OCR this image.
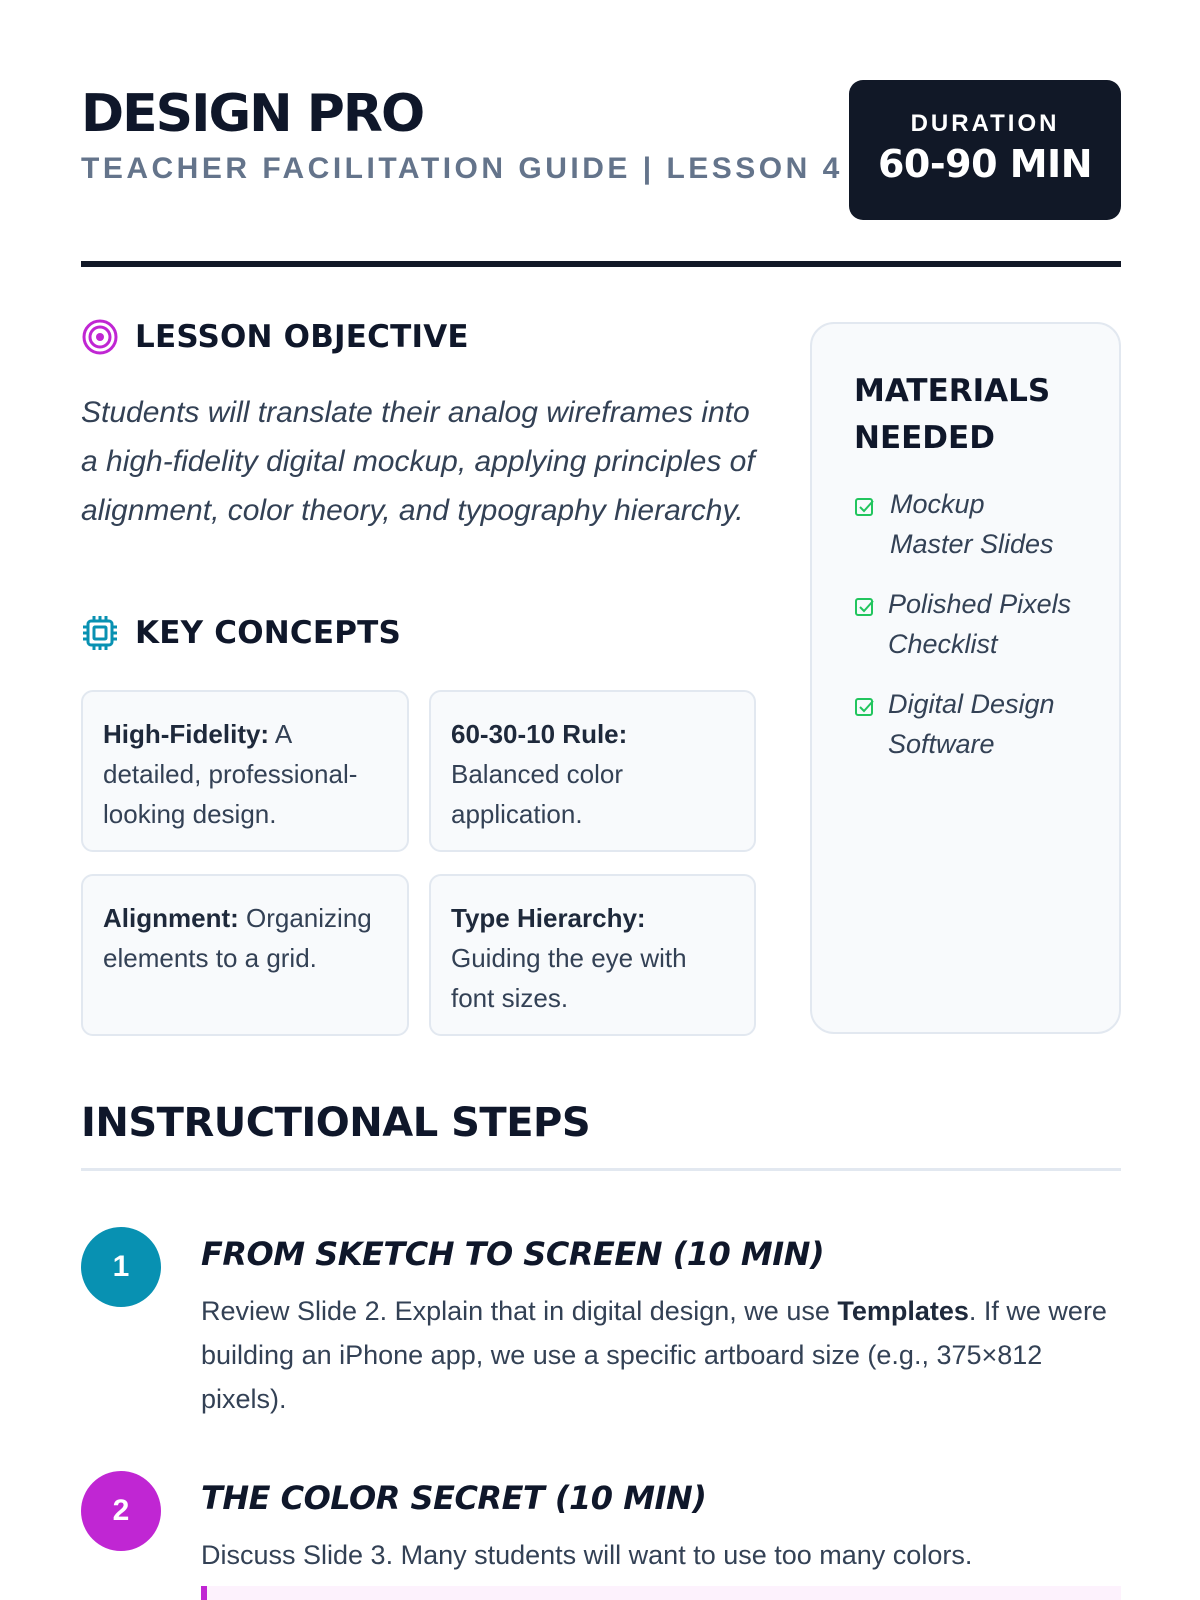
DESIGN PRO
TEACHER FACILITATION GUIDE | LESSON 4
DURATION
60-90 MIN
LESSON OBJECTIVE

Students will translate their analog wireframes into a high-fidelity digital mockup, applying principles of alignment, color theory, and typography hierarchy.

KEY CONCEPTS
High-Fidelity: A detailed, professional-looking design.
60-30-10 Rule: Balanced color application.
Alignment: Organizing elements to a grid.
Type Hierarchy: Guiding the eye with font sizes.
MATERIALS NEEDED
Mockup Master Slides
Polished Pixels Checklist
Digital Design Software
INSTRUCTIONAL STEPS
1	FROM SKETCH TO SCREEN (10 MIN)
Review Slide 2. Explain that in digital design, we use Templates. If we were building an iPhone app, we use a specific artboard size (e.g., 375×812 pixels).
2	THE COLOR SECRET (10 MIN)
Discuss Slide 3. Many students will want to use too many colors.
